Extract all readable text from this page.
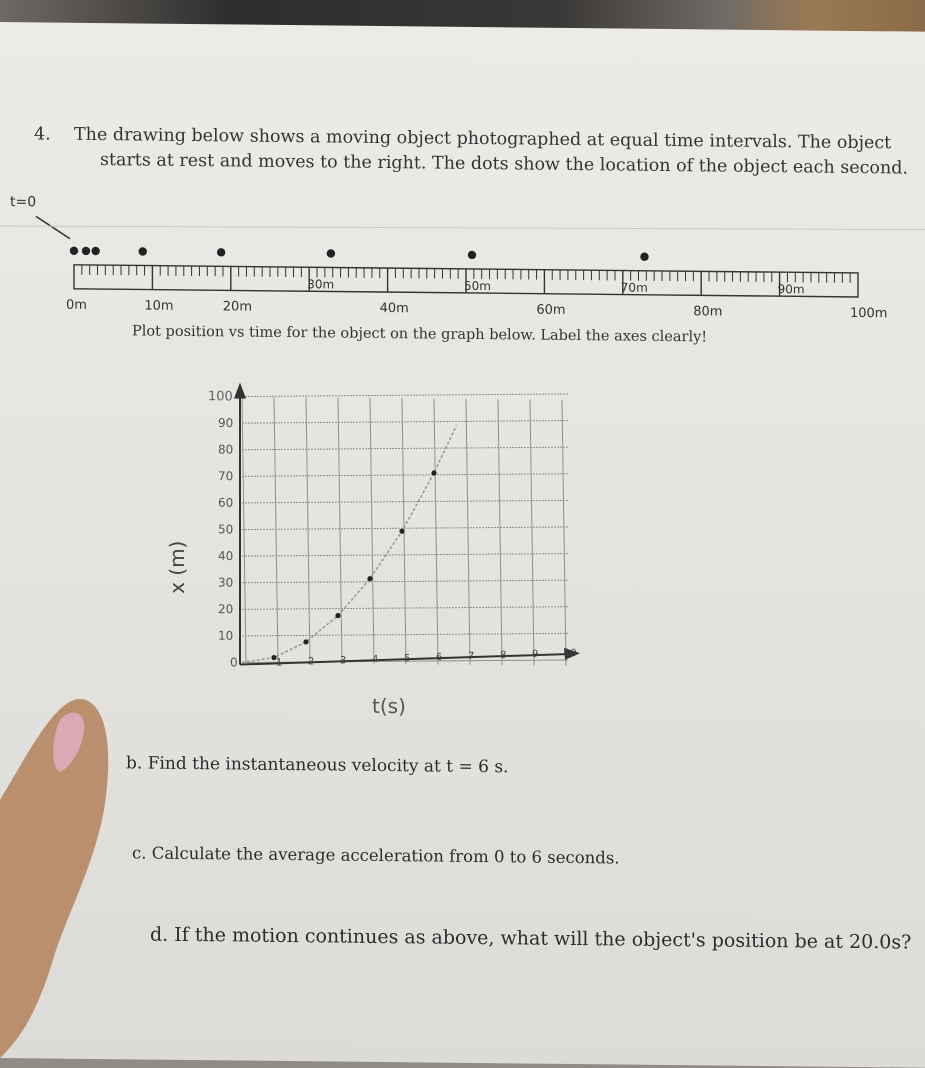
4. The drawing below shows a moving object photographed at equal time intervals. The object
starts at rest and moves to the right. The dots show the location of the object each second.
t=0
0m	10m	20m	40m	60m	80m	100m
30m	50m	70m	90m
Plot position vs time for the object on the graph below. Label the axes clearly!
90
80
70
60
50
40
30
20
10
0	1	2	3	4	5	6	7	8	9	10
100
x (m)
t(s)
b. Find the instantaneous velocity at t = 6 s.
c. Calculate the average acceleration from 0 to 6 seconds.
d. If the motion continues as above, what will the object's position be at 20.0s?
